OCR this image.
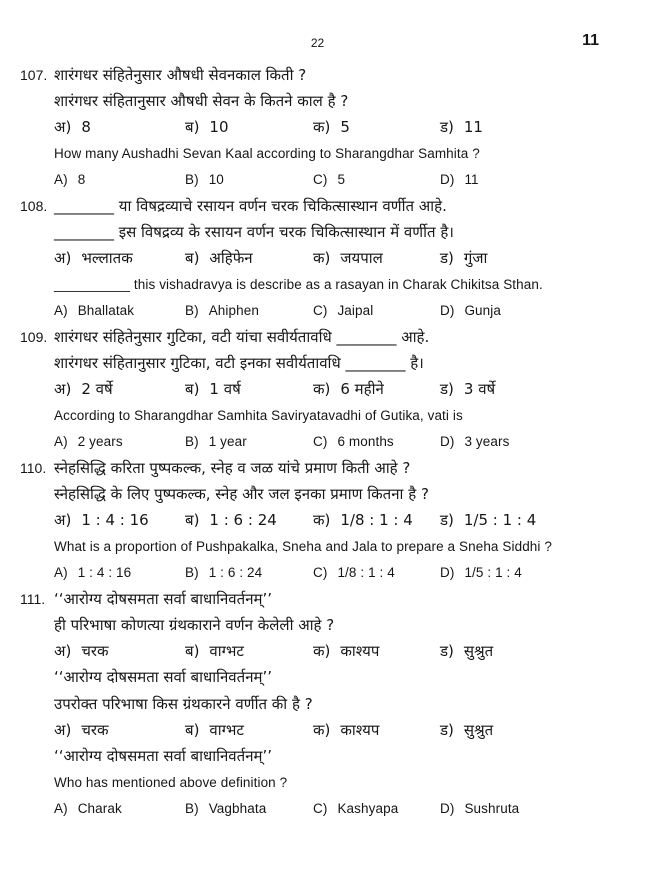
22	11
शारंगधर संहितेनुसार औषधी सेवनकाल किती ?
107.
शारंगधर संहितानुसार औषधी सेवन के कितने काल है ?
अ) 8	ब) 10	क) 5	ड) 11
How many Aushadhi Sevan Kaal according to Sharangdhar Samhita ?
A) 8	B) 10	C) 5	D) 11
________ या विषद्रव्याचे रसायन वर्णन चरक चिकित्सास्थान वर्णीत आहे.
108.
________ इस विषद्रव्य के रसायन वर्णन चरक चिकित्सास्थान में वर्णीत है।
अ) भल्लातक	ब) अहिफेन	क) जयपाल	ड) गुंजा
__________ this vishadravya is describe as a rasayan in Charak Chikitsa Sthan.
A) Bhallatak	B) Ahiphen	C) Jaipal	D) Gunja
शारंगधर संहितेनुसार गुटिका, वटी यांचा सवीर्यतावधि ________ आहे.
109.
शारंगधर संहितानुसार गुटिका, वटी इनका सवीर्यतावधि ________ है।
अ) 2 वर्षे	ब) 1 वर्ष	क) 6 महीने	ड) 3 वर्षे
According to Sharangdhar Samhita Saviryatavadhi of Gutika, vati is
A) 2 years	B) 1 year	C) 6 months	D) 3 years
स्नेहसिद्धि करिता पुष्पकल्क, स्नेह व जळ यांचे प्रमाण किती आहे ?
110.
स्नेहसिद्धि के लिए पुष्पकल्क, स्नेह और जल इनका प्रमाण कितना है ?
अ) 1 : 4 : 16 ब) 1 : 6 : 24 क) 1/8 : 1 : 4 ड) 1/5 : 1 : 4
What is a proportion of Pushpakalka, Sneha and Jala to prepare a Sneha Siddhi ?
A) 1 : 4 : 16	B) 1 : 6 : 24	C) 1/8 : 1 : 4	D) 1/5 : 1 : 4
‘‘आरोग्य दोषसमता सर्वा बाधानिवर्तनम्’’
111.
ही परिभाषा कोणत्या ग्रंथकाराने वर्णन केलेली आहे ?
अ) चरक	ब) वाग्भट	क) काश्यप	ड) सुश्रुत
‘‘आरोग्य दोषसमता सर्वा बाधानिवर्तनम्’’
उपरोक्त परिभाषा किस ग्रंथकारने वर्णीत की है ?
अ) चरक	ब) वाग्भट	क) काश्यप	ड) सुश्रुत
‘‘आरोग्य दोषसमता सर्वा बाधानिवर्तनम्’’
Who has mentioned above definition ?
A) Charak	B) Vagbhata	C) Kashyapa	D) Sushruta
